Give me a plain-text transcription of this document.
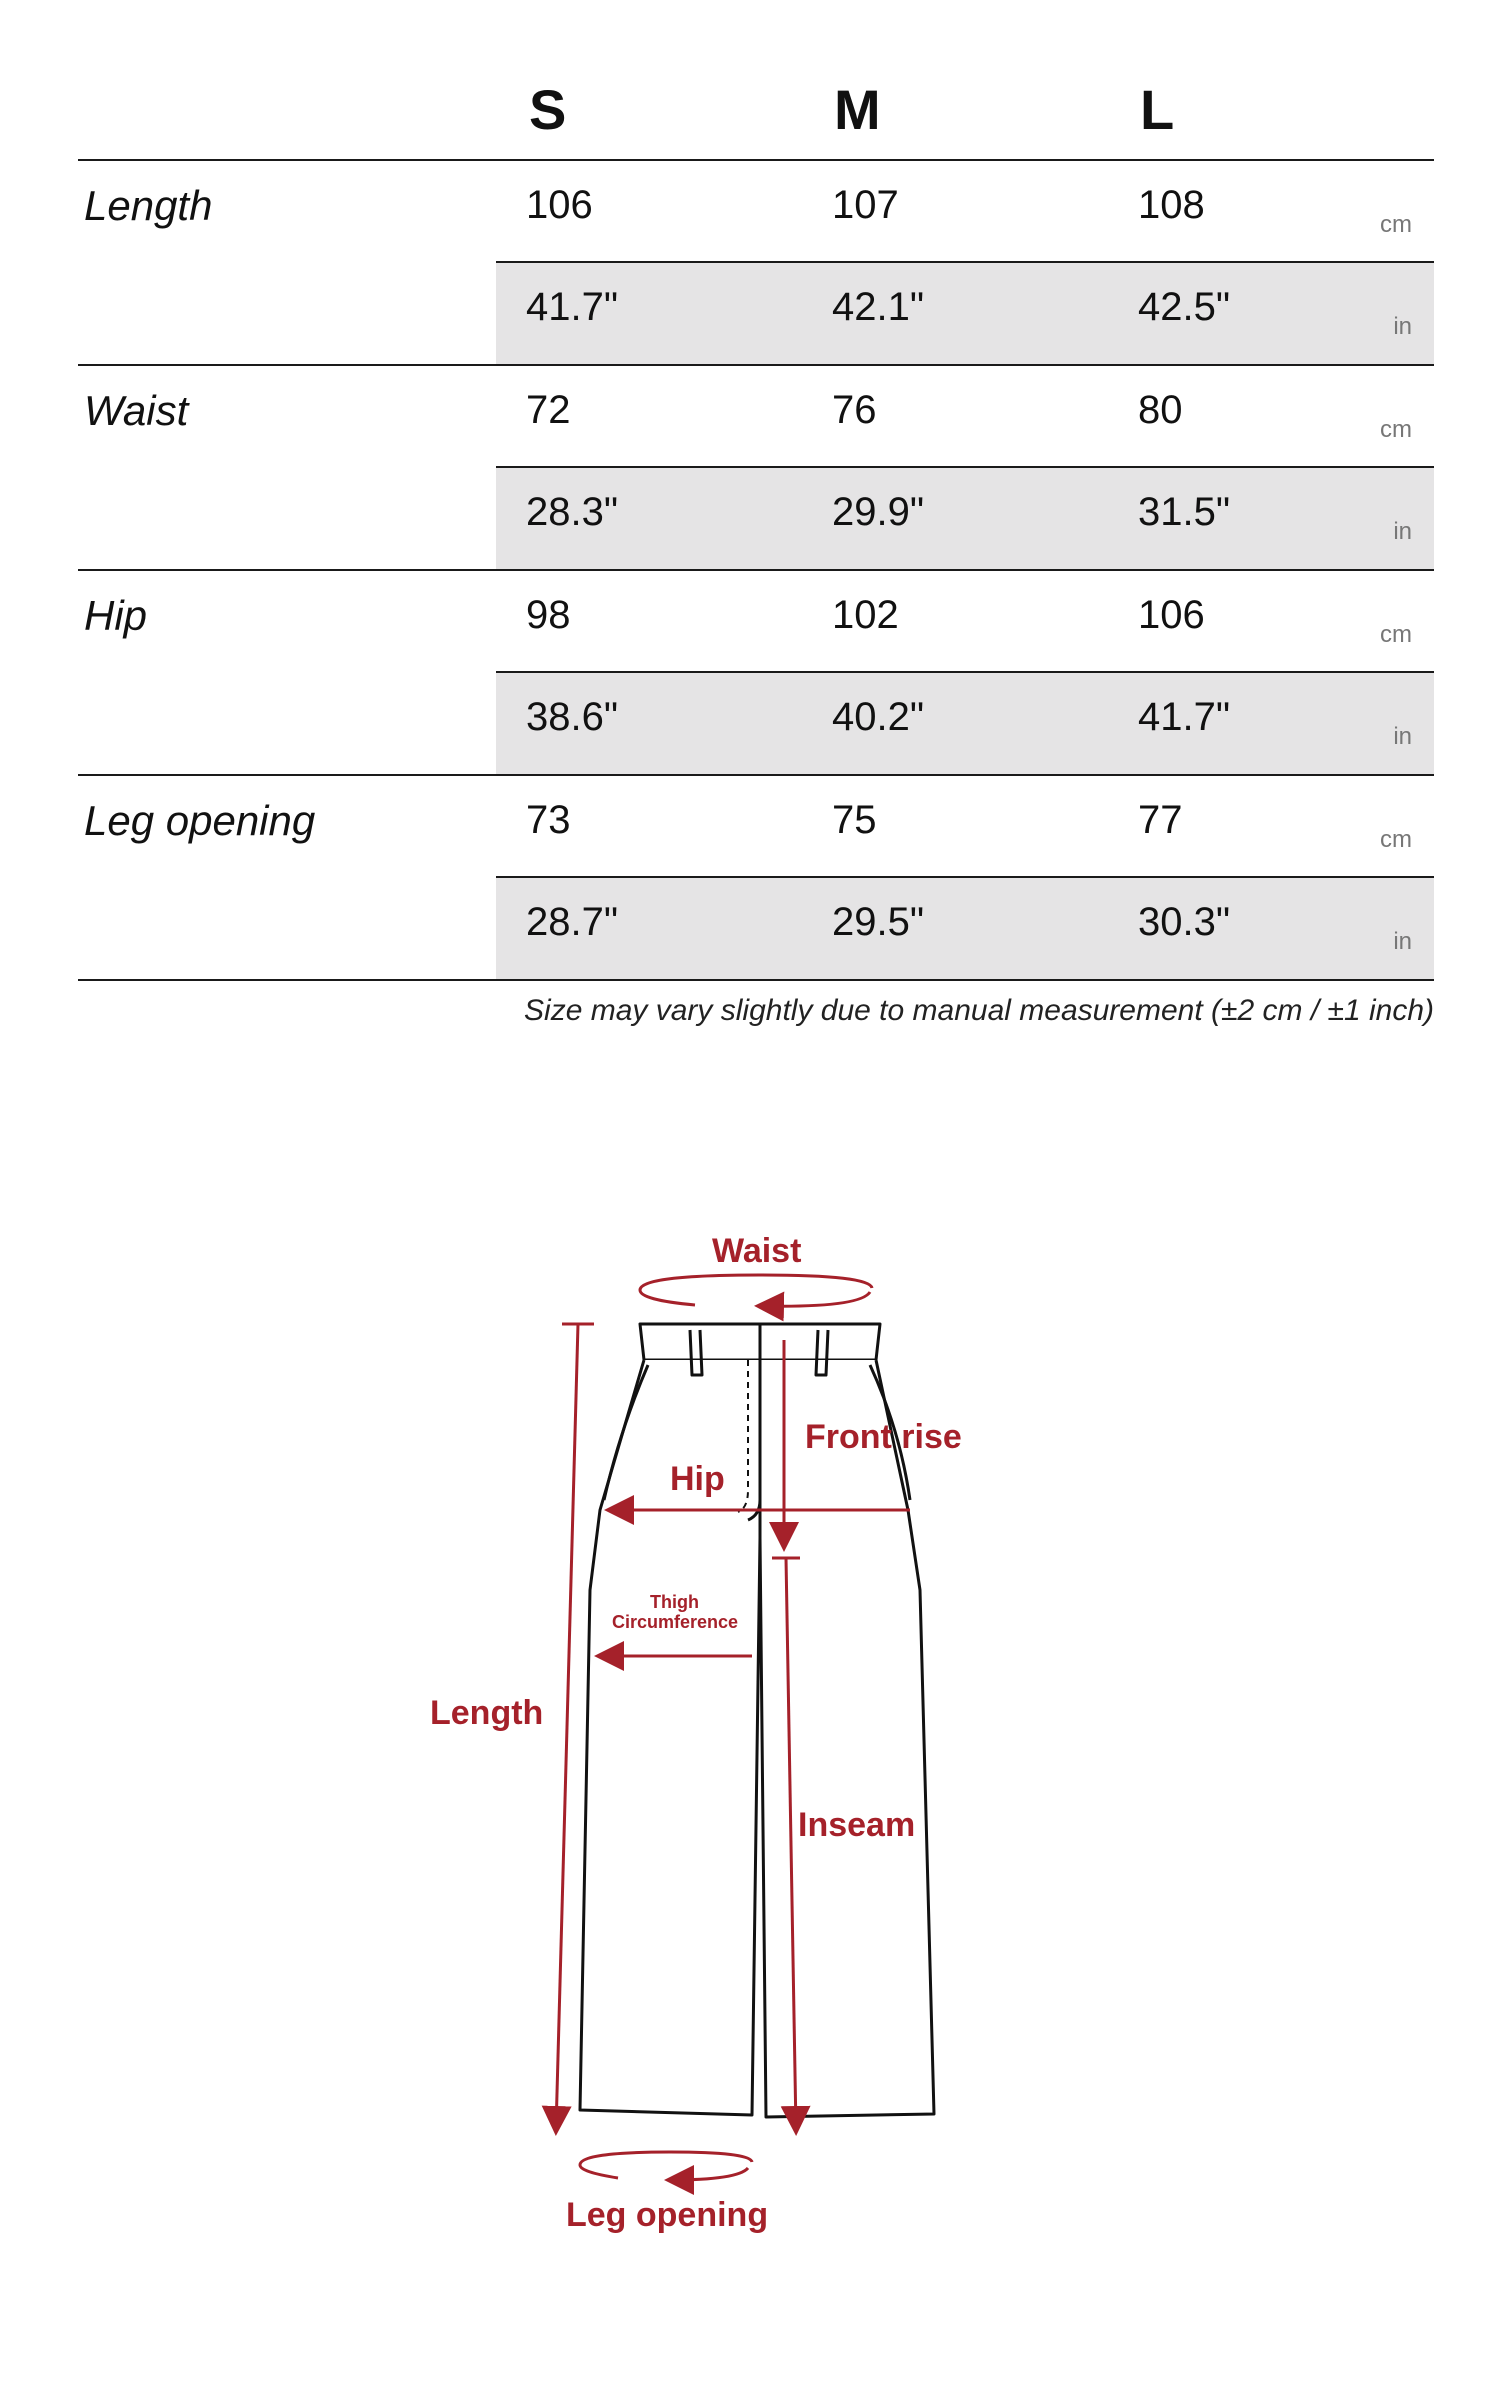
S	M	L
Length	106	107	108	cm
41.7"	42.1"	42.5"	in
Waist	72	76	80	cm
28.3"	29.9"	31.5"	in
Hip	98	102	106	cm
38.6"	40.2"	41.7"	in
Leg opening	73	75	77	cm
28.7"	29.5"	30.3"	in
Size may vary slightly due to manual measurement (±2 cm / ±1 inch)
Waist
Front rise
Hip
Thigh
Circumference
Length
Inseam
Leg opening
